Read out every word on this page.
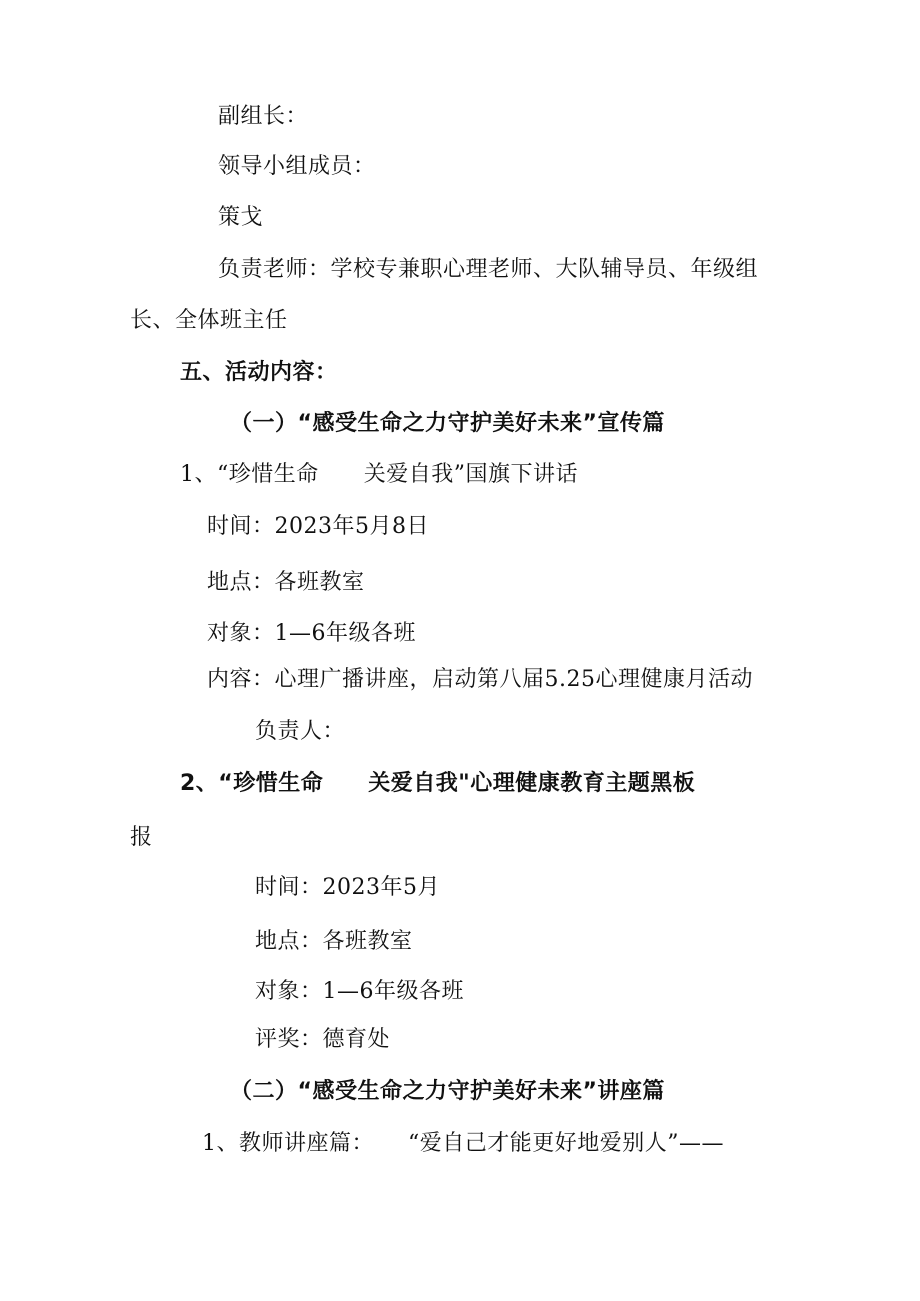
副组长：
领导小组成员：
策戈
负责老师：学校专兼职心理老师、大队辅导员、年级组
长、全体班主任
五、活动内容：
（一）“感受生命之力守护美好未来”宣传篇
1、“珍惜生命　　关爱自我”国旗下讲话
时间：2023年5月8日
地点：各班教室
对象：1—6年级各班
内容：心理广播讲座，启动第八届5.25心理健康月活动
负责人：
2、“珍惜生命　　关爱自我"心理健康教育主题黑板
报
时间：2023年5月
地点：各班教室
对象：1—6年级各班
评奖：德育处
（二）“感受生命之力守护美好未来”讲座篇
1、教师讲座篇：　　“爱自己才能更好地爱别人”——
